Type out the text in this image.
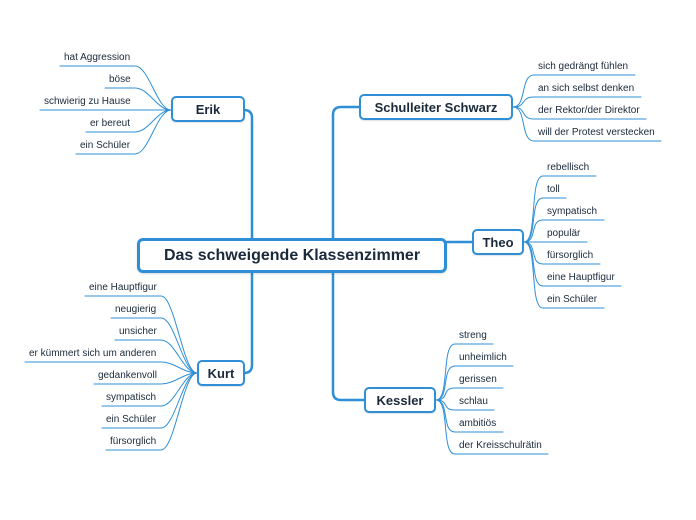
Das schweigende Klassenzimmer
Erik
Kurt
Schulleiter Schwarz
Theo
Kessler
hat Aggression
böse
schwierig zu Hause
er bereut
ein Schüler
eine Hauptfigur
neugierig
unsicher
er kümmert sich um anderen
gedankenvoll
sympatisch
ein Schüler
fürsorglich
sich gedrängt fühlen
an sich selbst denken
der Rektor/der Direktor
will der Protest verstecken
rebellisch
toll
sympatisch
populär
fürsorglich
eine Hauptfigur
ein Schüler
streng
unheimlich
gerissen
schlau
ambitiös
der Kreisschulrätin
